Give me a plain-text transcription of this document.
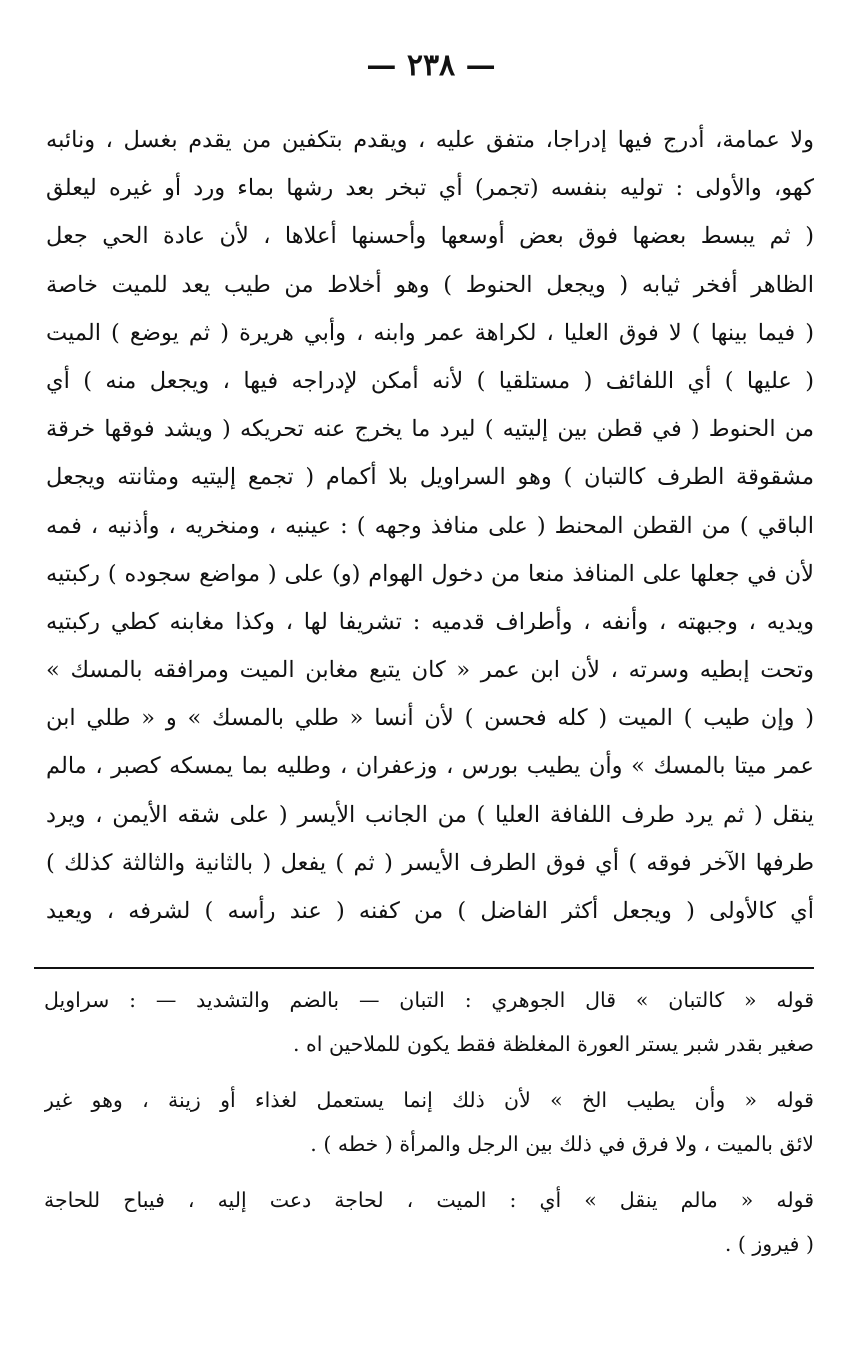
— ٢٣٨ —
ولا عمامة، أدرج فيها إدراجا، متفق عليه ، ويقدم بتكفين من يقدم بغسل ، ونائبه
كهو، والأولى : توليه بنفسه (تجمر) أي تبخر بعد رشها بماء ورد أو غيره ليعلق
( ثم يبسط بعضها فوق بعض أوسعها وأحسنها أعلاها ، لأن عادة الحي جعل
الظاهر أفخر ثيابه ( ويجعل الحنوط ) وهو أخلاط من طيب يعد للميت خاصة
( فيما بينها ) لا فوق العليا ، لكراهة عمر وابنه ، وأبي هريرة ( ثم يوضع ) الميت
( عليها ) أي اللفائف ( مستلقيا ) لأنه أمكن لإدراجه فيها ، ويجعل منه ) أي
من الحنوط ( في قطن بين إليتيه ) ليرد ما يخرج عنه تحريكه ( ويشد فوقها خرقة
مشقوقة الطرف كالتبان ) وهو السراويل بلا أكمام ( تجمع إليتيه ومثانته ويجعل
الباقي ) من القطن المحنط ( على منافذ وجهه ) : عينيه ، ومنخريه ، وأذنيه ، فمه
لأن في جعلها على المنافذ منعا من دخول الهوام (و) على ( مواضع سجوده ) ركبتيه
ويديه ، وجبهته ، وأنفه ، وأطراف قدميه : تشريفا لها ، وكذا مغابنه كطي ركبتيه
وتحت إبطيه وسرته ، لأن ابن عمر « كان يتبع مغابن الميت ومرافقه بالمسك »
( وإن طيب ) الميت ( كله فحسن ) لأن أنسا « طلي بالمسك » و « طلي ابن
عمر ميتا بالمسك » وأن يطيب بورس ، وزعفران ، وطليه بما يمسكه كصبر ، مالم
ينقل ( ثم يرد طرف اللفافة العليا ) من الجانب الأيسر ( على شقه الأيمن ، ويرد
طرفها الآخر فوقه ) أي فوق الطرف الأيسر ( ثم ) يفعل ( بالثانية والثالثة كذلك )
أي كالأولى ( ويجعل أكثر الفاضل ) من كفنه ( عند رأسه ) لشرفه ، ويعيد
قوله « كالتبان » قال الجوهري : التبان — بالضم والتشديد — : سراويل
صغير بقدر شبر يستر العورة المغلظة فقط يكون للملاحين اه .
قوله « وأن يطيب الخ » لأن ذلك إنما يستعمل لغذاء أو زينة ، وهو غير
لائق بالميت ، ولا فرق في ذلك بين الرجل والمرأة ( خطه ) .
قوله « مالم ينقل » أي : الميت ، لحاجة دعت إليه ، فيباح للحاجة
( فيروز ) .
